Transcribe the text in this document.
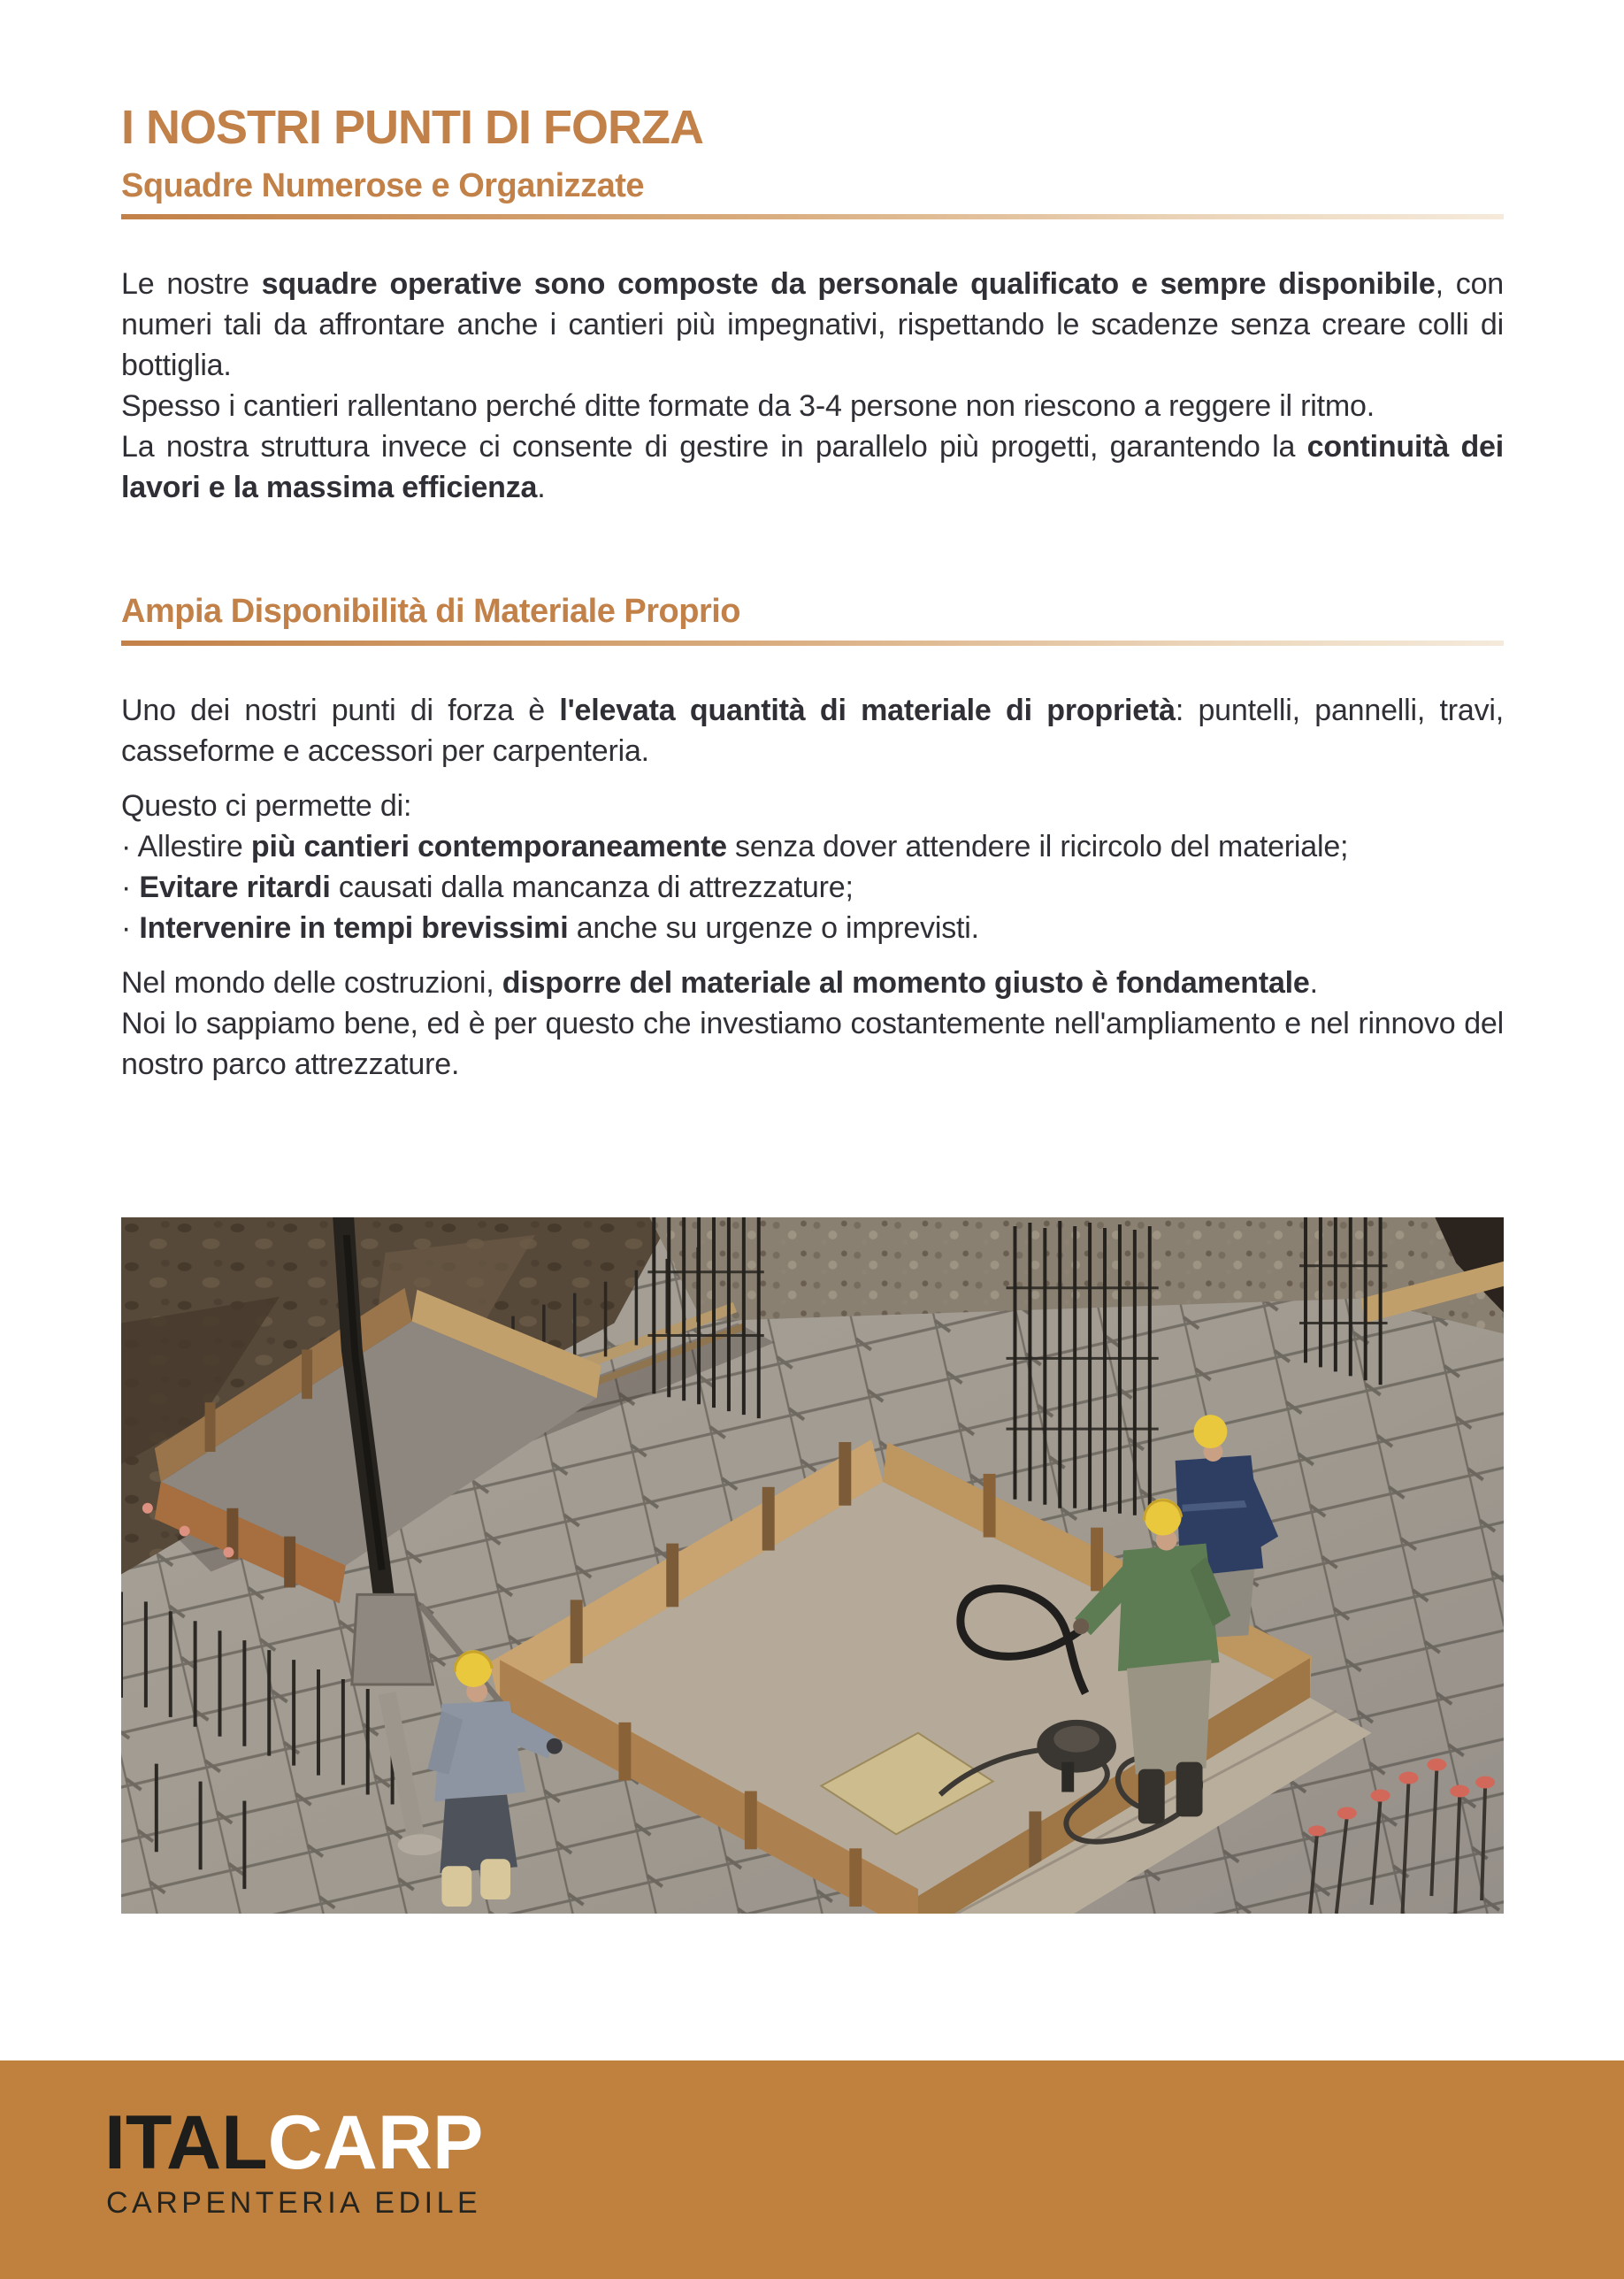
I NOSTRI PUNTI DI FORZA
Squadre Numerose e Organizzate

Le nostre squadre operative sono composte da personale qualificato e sempre disponibile, con numeri tali da affrontare anche i cantieri più impegnativi, rispettando le scadenze senza creare colli di bottiglia.

Spesso i cantieri rallentano perché ditte formate da 3-4 persone non riescono a reggere il ritmo.

La nostra struttura invece ci consente di gestire in parallelo più progetti, garantendo la continuità dei lavori e la massima efficienza.

Ampia Disponibilità di Materiale Proprio

Uno dei nostri punti di forza è l'elevata quantità di materiale di proprietà: puntelli, pannelli, travi, casseforme e accessori per carpenteria.

Questo ci permette di:

· Allestire più cantieri contemporaneamente senza dover attendere il ricircolo del materiale;

· Evitare ritardi causati dalla mancanza di attrezzature;

· Intervenire in tempi brevissimi anche su urgenze o imprevisti.

Nel mondo delle costruzioni, disporre del materiale al momento giusto è fondamentale.

Noi lo sappiamo bene, ed è per questo che investiamo costantemente nell'ampliamento e nel rinnovo del nostro parco attrezzature.

ITALCARP

CARPENTERIA EDILE
